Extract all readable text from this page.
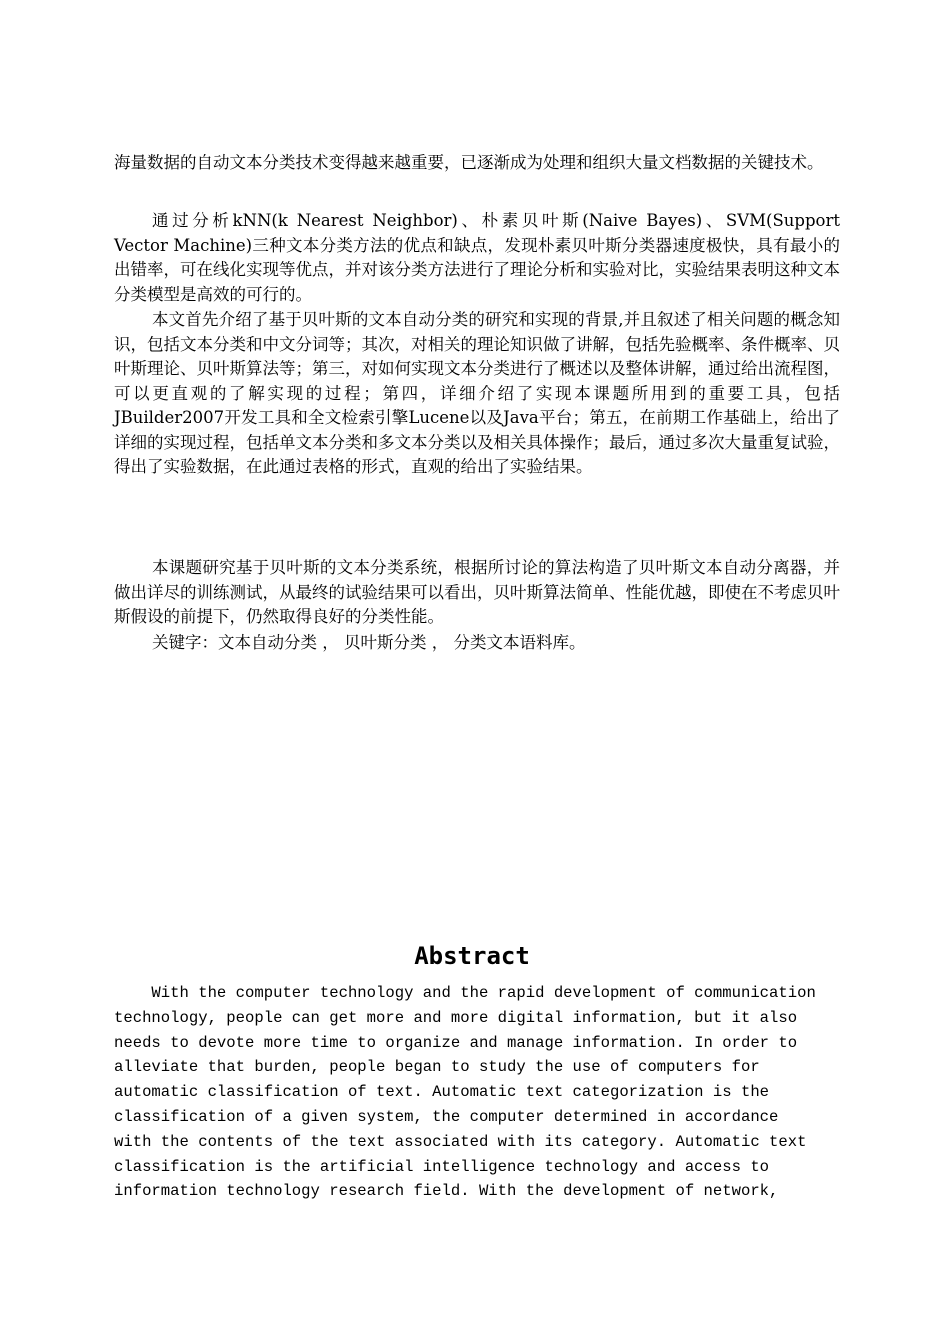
海量数据的自动文本分类技术变得越来越重要，已逐渐成为处理和组织大量文档数据的关键技术。

通过分析kNN(k Nearest Neighbor)、朴素贝叶斯(Naive Bayes)、SVM(Support Vector Machine)三种文本分类方法的优点和缺点，发现朴素贝叶斯分类器速度极快，具有最小的出错率，可在线化实现等优点，并对该分类方法进行了理论分析和实验对比，实验结果表明这种文本分类模型是高效的可行的。

本文首先介绍了基于贝叶斯的文本自动分类的研究和实现的背景,并且叙述了相关问题的概念知识，包括文本分类和中文分词等；其次，对相关的理论知识做了讲解，包括先验概率、条件概率、贝叶斯理论、贝叶斯算法等；第三，对如何实现文本分类进行了概述以及整体讲解，通过给出流程图，可以更直观的了解实现的过程；第四，详细介绍了实现本课题所用到的重要工具，包括JBuilder2007开发工具和全文检索引擎Lucene以及Java平台；第五，在前期工作基础上，给出了详细的实现过程，包括单文本分类和多文本分类以及相关具体操作；最后，通过多次大量重复试验，得出了实验数据，在此通过表格的形式，直观的给出了实验结果。

本课题研究基于贝叶斯的文本分类系统，根据所讨论的算法构造了贝叶斯文本自动分离器，并做出详尽的训练测试，从最终的试验结果可以看出，贝叶斯算法简单、性能优越，即使在不考虑贝叶斯假设的前提下，仍然取得良好的分类性能。

关键字：文本自动分类 ， 贝叶斯分类 ， 分类文本语料库。
Abstract
With the computer technology and the rapid development of communication
technology, people can get more and more digital information, but it also
needs to devote more time to organize and manage information. In order to
alleviate that burden, people began to study the use of computers for
automatic classification of text. Automatic text categorization is the
classification of a given system, the computer determined in accordance
with the contents of the text associated with its category. Automatic text
classification is the artificial intelligence technology and access to
information technology research field. With the development of network,
